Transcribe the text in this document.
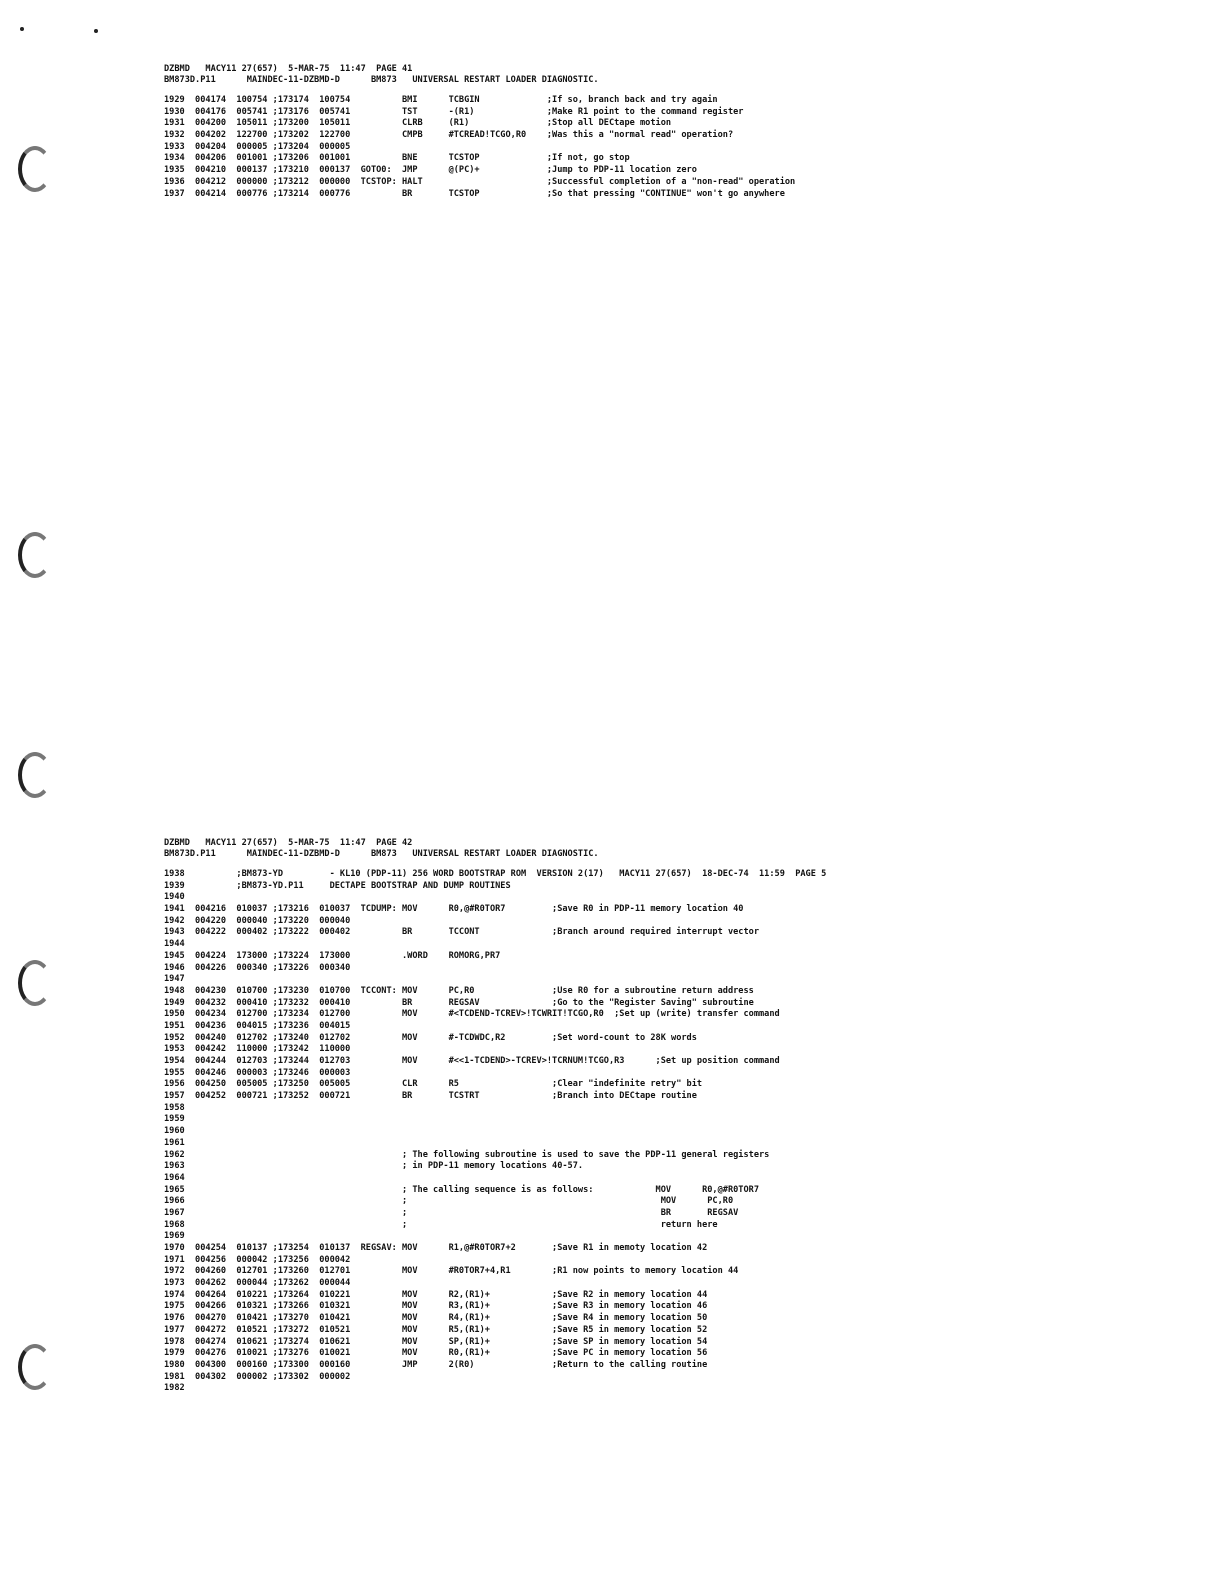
DZBMD   MACY11 27(657)  5-MAR-75  11:47  PAGE 41
BM873D.P11      MAINDEC-11-DZBMD-D      BM873   UNIVERSAL RESTART LOADER DIAGNOSTIC.
1929  004174  100754 ;173174  100754          BMI      TCBGIN             ;If so, branch back and try again
1930  004176  005741 ;173176  005741          TST      -(R1)              ;Make R1 point to the command register
1931  004200  105011 ;173200  105011          CLRB     (R1)               ;Stop all DECtape motion
1932  004202  122700 ;173202  122700          CMPB     #TCREAD!TCGO,R0    ;Was this a "normal read" operation?
1933  004204  000005 ;173204  000005
1934  004206  001001 ;173206  001001          BNE      TCSTOP             ;If not, go stop
1935  004210  000137 ;173210  000137  GOTO0:  JMP      @(PC)+             ;Jump to PDP-11 location zero
1936  004212  000000 ;173212  000000  TCSTOP: HALT                        ;Successful completion of a "non-read" operation
1937  004214  000776 ;173214  000776          BR       TCSTOP             ;So that pressing "CONTINUE" won't go anywhere
DZBMD   MACY11 27(657)  5-MAR-75  11:47  PAGE 42
BM873D.P11      MAINDEC-11-DZBMD-D      BM873   UNIVERSAL RESTART LOADER DIAGNOSTIC.
1938          ;BM873-YD         - KL10 (PDP-11) 256 WORD BOOTSTRAP ROM  VERSION 2(17)   MACY11 27(657)  18-DEC-74  11:59  PAGE 5
1939          ;BM873-YD.P11     DECTAPE BOOTSTRAP AND DUMP ROUTINES
1940
1941  004216  010037 ;173216  010037  TCDUMP: MOV      R0,@#R0TOR7         ;Save R0 in PDP-11 memory location 40
1942  004220  000040 ;173220  000040
1943  004222  000402 ;173222  000402          BR       TCCONT              ;Branch around required interrupt vector
1944
1945  004224  173000 ;173224  173000          .WORD    ROMORG,PR7
1946  004226  000340 ;173226  000340
1947
1948  004230  010700 ;173230  010700  TCCONT: MOV      PC,R0               ;Use R0 for a subroutine return address
1949  004232  000410 ;173232  000410          BR       REGSAV              ;Go to the "Register Saving" subroutine
1950  004234  012700 ;173234  012700          MOV      #<TCDEND-TCREV>!TCWRIT!TCGO,R0  ;Set up (write) transfer command
1951  004236  004015 ;173236  004015
1952  004240  012702 ;173240  012702          MOV      #-TCDWDC,R2         ;Set word-count to 28K words
1953  004242  110000 ;173242  110000
1954  004244  012703 ;173244  012703          MOV      #<<1-TCDEND>-TCREV>!TCRNUM!TCGO,R3      ;Set up position command
1955  004246  000003 ;173246  000003
1956  004250  005005 ;173250  005005          CLR      R5                  ;Clear "indefinite retry" bit
1957  004252  000721 ;173252  000721          BR       TCSTRT              ;Branch into DECtape routine
1958
1959
1960
1961
1962                                          ; The following subroutine is used to save the PDP-11 general registers
1963                                          ; in PDP-11 memory locations 40-57.
1964
1965                                          ; The calling sequence is as follows:            MOV      R0,@#R0TOR7
1966                                          ;                                                 MOV      PC,R0
1967                                          ;                                                 BR       REGSAV
1968                                          ;                                                 return here
1969
1970  004254  010137 ;173254  010137  REGSAV: MOV      R1,@#R0TOR7+2       ;Save R1 in memoty location 42
1971  004256  000042 ;173256  000042
1972  004260  012701 ;173260  012701          MOV      #R0TOR7+4,R1        ;R1 now points to memory location 44
1973  004262  000044 ;173262  000044
1974  004264  010221 ;173264  010221          MOV      R2,(R1)+            ;Save R2 in memory location 44
1975  004266  010321 ;173266  010321          MOV      R3,(R1)+            ;Save R3 in memory location 46
1976  004270  010421 ;173270  010421          MOV      R4,(R1)+            ;Save R4 in memory location 50
1977  004272  010521 ;173272  010521          MOV      R5,(R1)+            ;Save R5 in memory location 52
1978  004274  010621 ;173274  010621          MOV      SP,(R1)+            ;Save SP in memory location 54
1979  004276  010021 ;173276  010021          MOV      R0,(R1)+            ;Save PC in memory location 56
1980  004300  000160 ;173300  000160          JMP      2(R0)               ;Return to the calling routine
1981  004302  000002 ;173302  000002
1982
